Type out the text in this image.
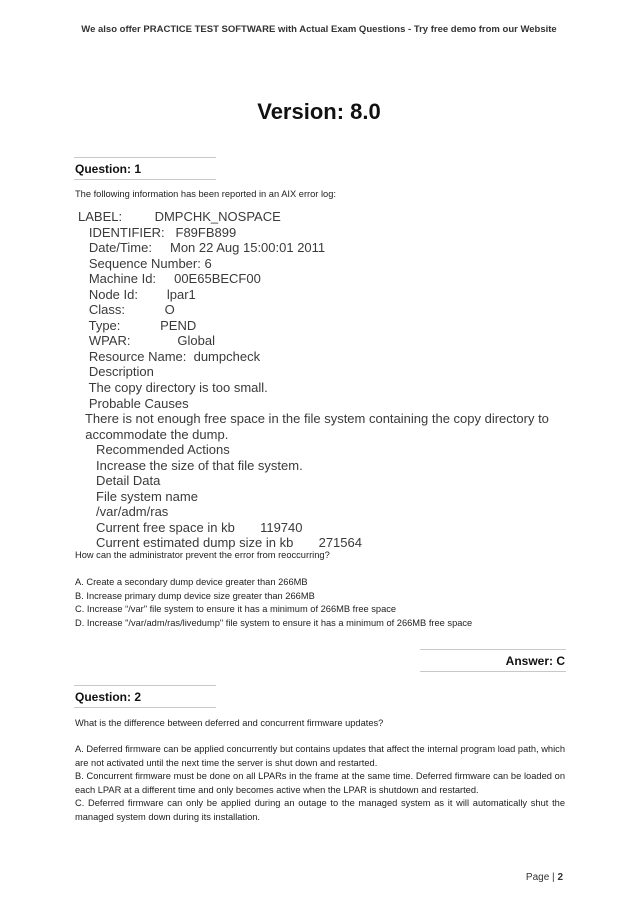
We also offer PRACTICE TEST SOFTWARE with Actual Exam Questions - Try free demo from our Website
Version: 8.0
Question: 1
The following information has been reported in an AIX error log:
LABEL:         DMPCHK_NOSPACE
IDENTIFIER:   F89FB899
Date/Time:     Mon 22 Aug 15:00:01 2011
Sequence Number: 6
Machine Id:     00E65BECF00
Node Id:        lpar1
Class:           O
Type:           PEND
WPAR:             Global
Resource Name:  dumpcheck
Description
The copy directory is too small.
Probable Causes
There is not enough free space in the file system containing the copy directory to
accommodate the dump.
Recommended Actions
Increase the size of that file system.
Detail Data
File system name
/var/adm/ras
Current free space in kb       119740
Current estimated dump size in kb       271564
How can the administrator prevent the error from reoccurring?

A. Create a secondary dump device greater than 266MB

B. Increase primary dump device size greater than 266MB

C. Increase “/var" file system to ensure it has a minimum of 266MB free space

D. Increase "/var/adm/ras/livedump" file system to ensure it has a minimum of 266MB free space

Answer: C
Question: 2
What is the difference between deferred and concurrent firmware updates?

A. Deferred firmware can be applied concurrently but contains updates that affect the internal program load path, which are not activated until the next time the server is shut down and restarted.

B. Concurrent firmware must be done on all LPARs in the frame at the same time. Deferred firmware can be loaded on each LPAR at a different time and only becomes active when the LPAR is shutdown and restarted.

C. Deferred firmware can only be applied during an outage to the managed system as it will automatically shut the managed system down during its installation.

Page | 2
